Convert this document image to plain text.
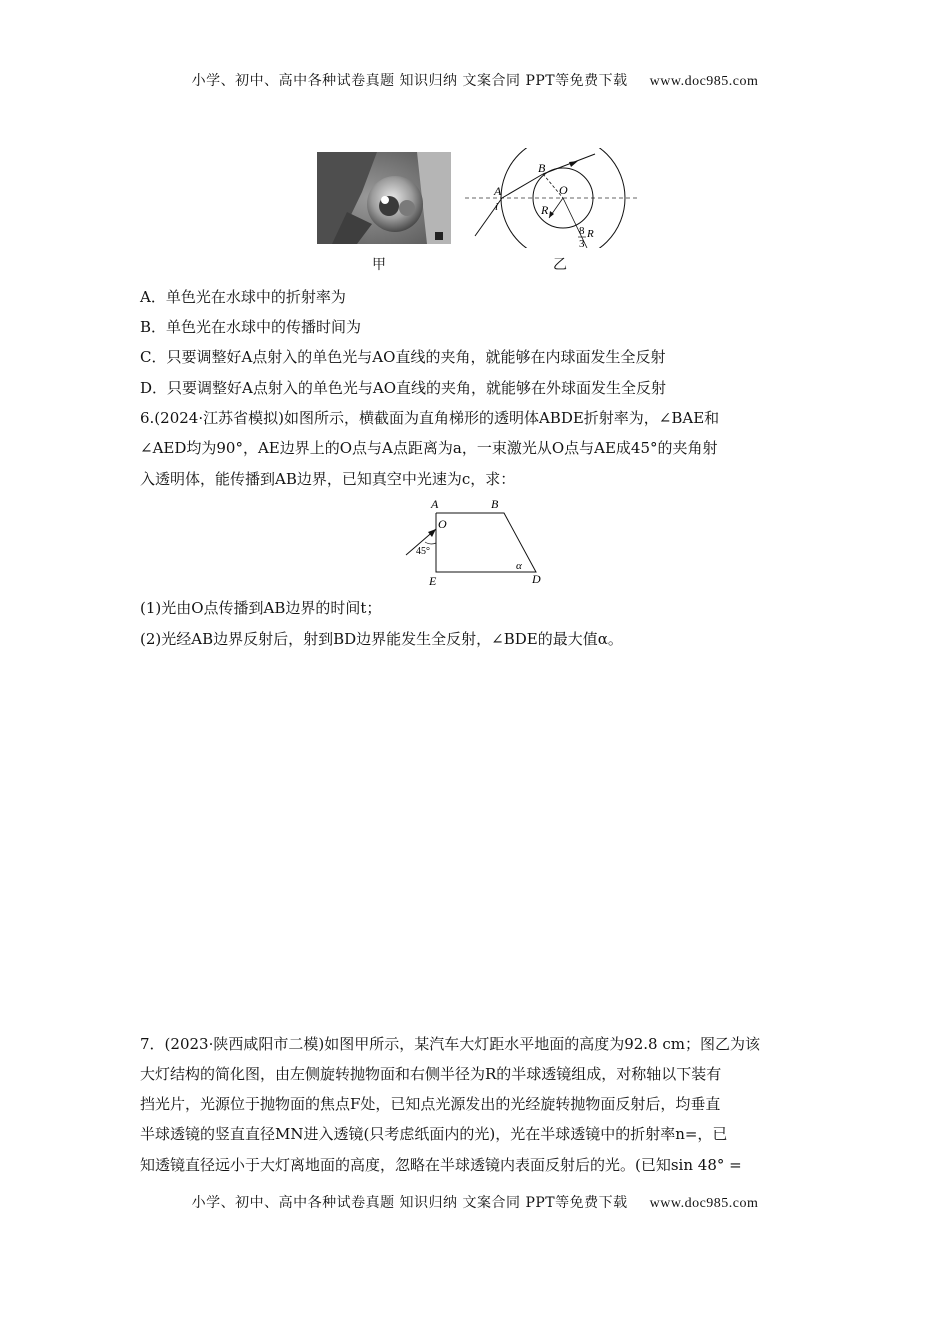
小学、初中、高中各种试卷真题 知识归纳 文案合同 PPT等免费下载 www.doc985.com
A
B
O
i	R
8 R
3
甲	乙
A．单色光在水球中的折射率为
B．单色光在水球中的传播时间为
C．只要调整好A点射入的单色光与AO直线的夹角，就能够在内球面发生全反射
D．只要调整好A点射入的单色光与AO直线的夹角，就能够在外球面发生全反射
6.(2024·江苏省模拟)如图所示，横截面为直角梯形的透明体ABDE折射率为，∠BAE和
∠AED均为90°，AE边界上的O点与A点距离为a，一束激光从O点与AE成45°的夹角射
入透明体，能传播到AB边界，已知真空中光速为c，求：
A	B
O
45°
E	D
α
(1)光由O点传播到AB边界的时间t；
(2)光经AB边界反射后，射到BD边界能发生全反射，∠BDE的最大值α。
7．(2023·陕西咸阳市二模)如图甲所示，某汽车大灯距水平地面的高度为92.8 cm；图乙为该
大灯结构的简化图，由左侧旋转抛物面和右侧半径为R的半球透镜组成，对称轴以下装有
挡光片，光源位于抛物面的焦点F处，已知点光源发出的光经旋转抛物面反射后，均垂直
半球透镜的竖直直径MN进入透镜(只考虑纸面内的光)，光在半球透镜中的折射率n=，已
知透镜直径远小于大灯离地面的高度，忽略在半球透镜内表面反射后的光。(已知sin 48° =
小学、初中、高中各种试卷真题 知识归纳 文案合同 PPT等免费下载 www.doc985.com
